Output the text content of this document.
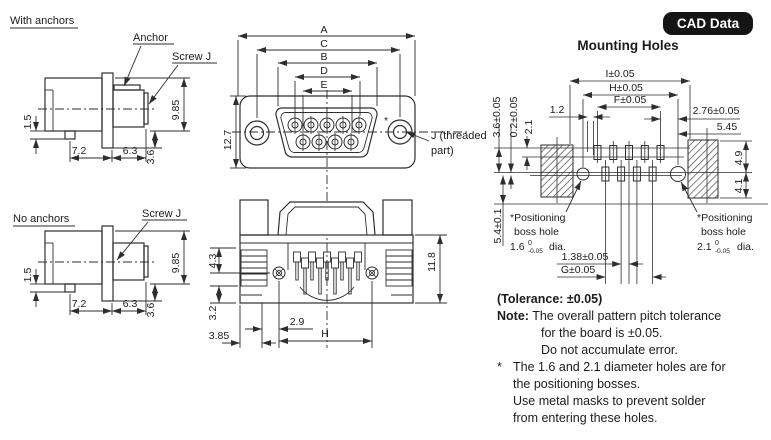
With anchors
Anchor
Screw J
1.5
9.85
3.6
7.2	6.3
No anchors	Screw J
1.5
9.85
3.6
7.2	6.3
A
C
B
D
E
12.7
*
J (threaded
part)
4.3
3.2
11.8
2.9
H
3.85
I±0.05
H±0.05
F±0.05
1.2	2.76±0.05
5.45
3.6±0.05 0.2±0.05 2.1
5.4±0.1
4.9
4.1
1.38±0.05
G±0.05
*Positioning
boss hole
1.6 0
-0.05 dia.
*Positioning
boss hole
2.1 0
-0.05 dia.
CAD Data
Mounting Holes
(Tolerance: ±0.05)
Note: The overall pattern pitch tolerance
for the board is ±0.05.
Do not accumulate error.
* The 1.6 and 2.1 diameter holes are for
the positioning bosses.
Use metal masks to prevent solder
from entering these holes.
